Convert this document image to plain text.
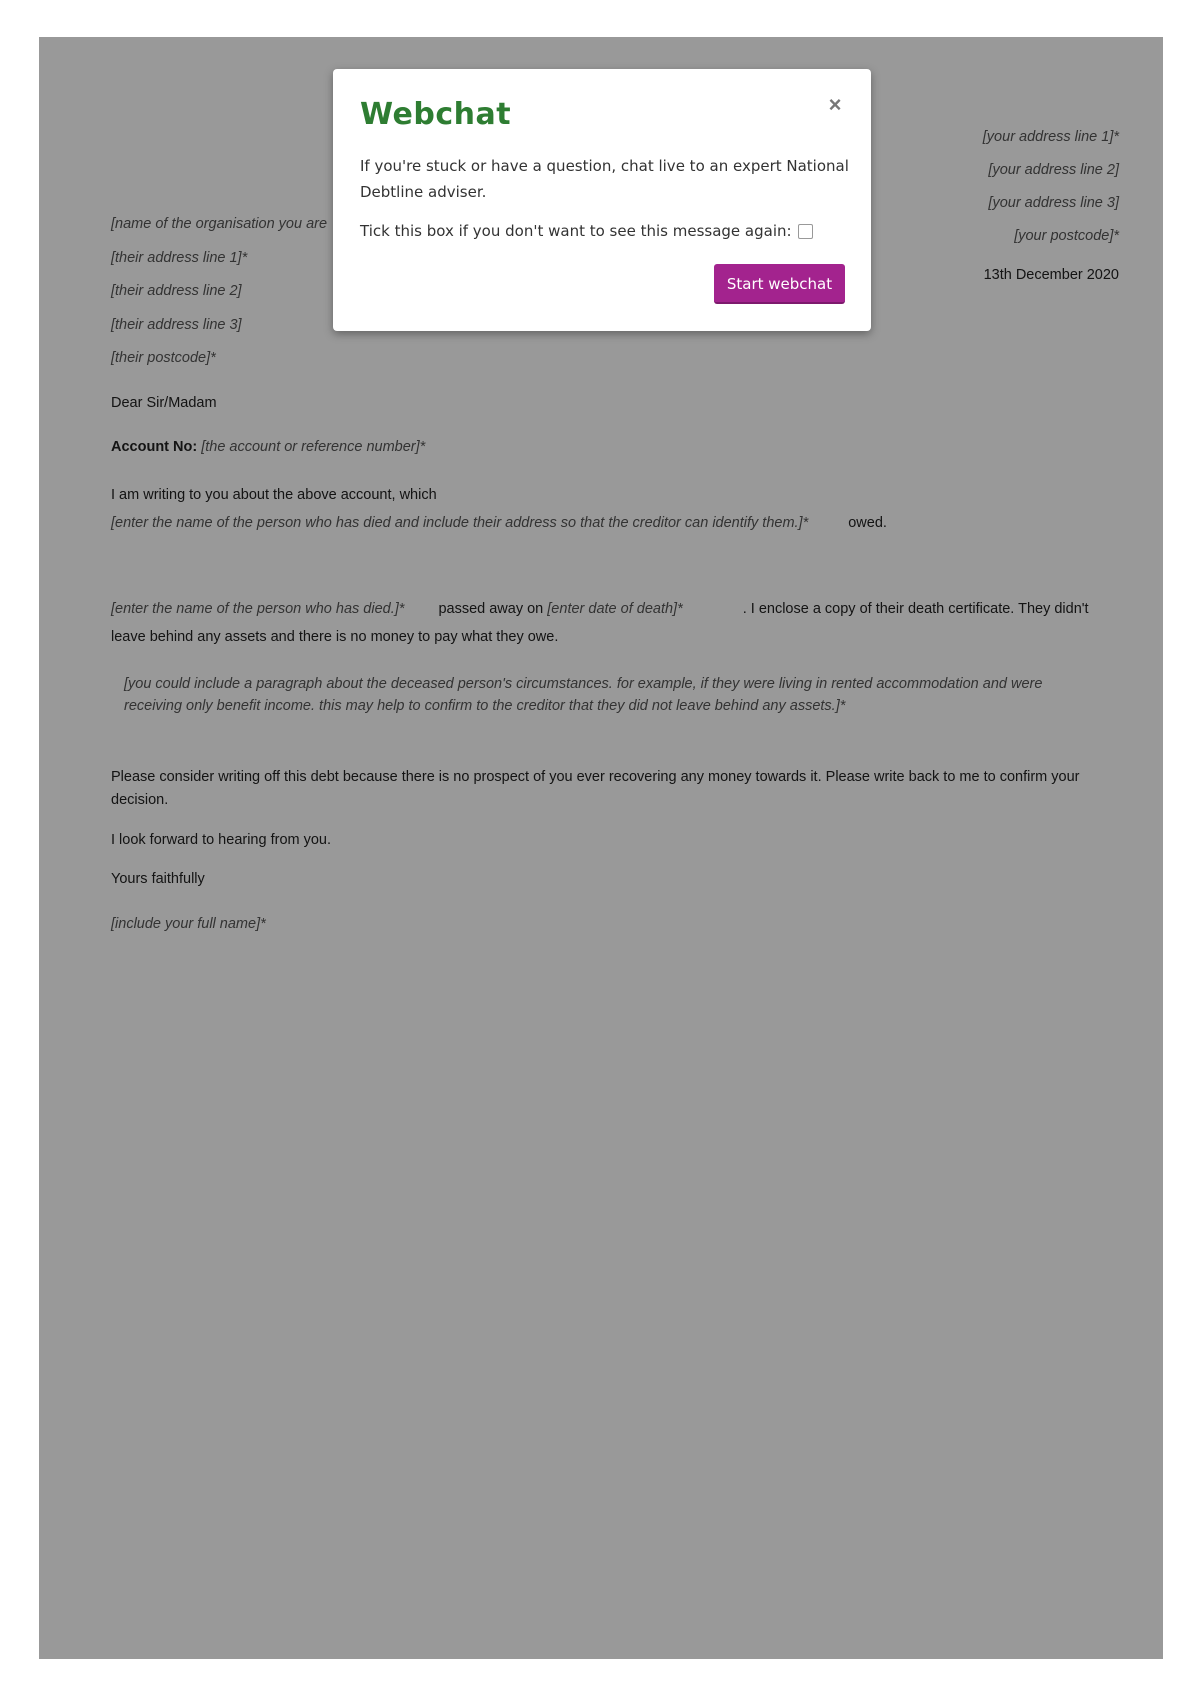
[your address line 1]*
[your address line 2]
[your address line 3]
[your postcode]*
13th December 2020
[name of the organisation you are
[their address line 1]*
[their address line 2]
[their address line 3]
[their postcode]*
Dear Sir/Madam
Account No: [the account or reference number]*
I am writing to you about the above account, which
[enter the name of the person who has died and include their address so that the creditor can identify them.]*	owed.
[enter the name of the person who has died.]* passed away on [enter date of death]*	. I enclose a copy of their death certificate. They didn't leave behind any assets and there is no money to pay what they owe.
[you could include a paragraph about the deceased person's circumstances. for example, if they were living in rented accommodation and were receiving only benefit income. this may help to confirm to the creditor that they did not leave behind any assets.]*
Please consider writing off this debt because there is no prospect of you ever recovering any money towards it. Please write back to me to confirm your decision.
I look forward to hearing from you.
Yours faithfully
[include your full name]*
Webchat	×
If you're stuck or have a question, chat live to an expert National Debtline adviser.
Tick this box if you don't want to see this message again:
Start webchat
